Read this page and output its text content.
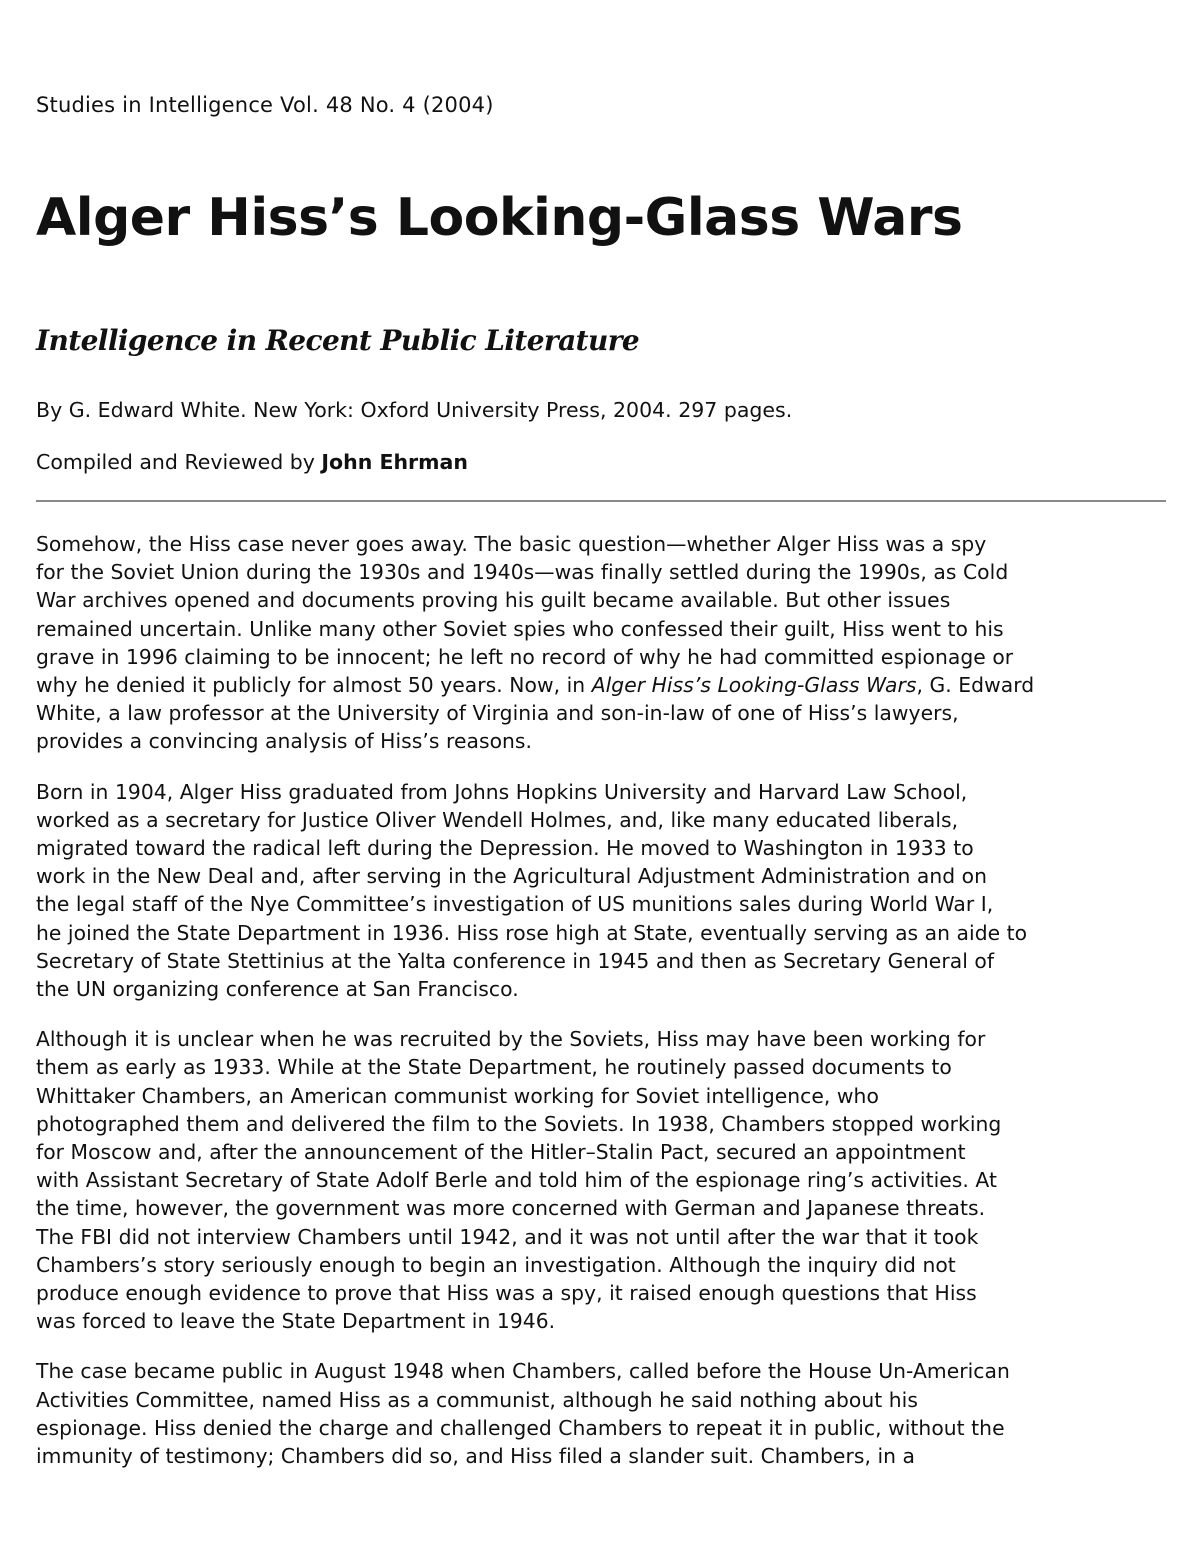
Studies in Intelligence Vol. 48 No. 4 (2004)
Alger Hiss’s Looking-Glass Wars
Intelligence in Recent Public Literature
By G. Edward White. New York: Oxford University Press, 2004. 297 pages.
Compiled and Reviewed by John Ehrman

Somehow, the Hiss case never goes away. The basic question—whether Alger Hiss was a spy
for the Soviet Union during the 1930s and 1940s—was finally settled during the 1990s, as Cold
War archives opened and documents proving his guilt became available. But other issues
remained uncertain. Unlike many other Soviet spies who confessed their guilt, Hiss went to his
grave in 1996 claiming to be innocent; he left no record of why he had committed espionage or
why he denied it publicly for almost 50 years. Now, in Alger Hiss’s Looking-Glass Wars, G. Edward
White, a law professor at the University of Virginia and son-in-law of one of Hiss’s lawyers,
provides a convincing analysis of Hiss’s reasons.

Born in 1904, Alger Hiss graduated from Johns Hopkins University and Harvard Law School,
worked as a secretary for Justice Oliver Wendell Holmes, and, like many educated liberals,
migrated toward the radical left during the Depression. He moved to Washington in 1933 to
work in the New Deal and, after serving in the Agricultural Adjustment Administration and on
the legal staff of the Nye Committee’s investigation of US munitions sales during World War I,
he joined the State Department in 1936. Hiss rose high at State, eventually serving as an aide to
Secretary of State Stettinius at the Yalta conference in 1945 and then as Secretary General of
the UN organizing conference at San Francisco.

Although it is unclear when he was recruited by the Soviets, Hiss may have been working for
them as early as 1933. While at the State Department, he routinely passed documents to
Whittaker Chambers, an American communist working for Soviet intelligence, who
photographed them and delivered the film to the Soviets. In 1938, Chambers stopped working
for Moscow and, after the announcement of the Hitler–Stalin Pact, secured an appointment
with Assistant Secretary of State Adolf Berle and told him of the espionage ring’s activities. At
the time, however, the government was more concerned with German and Japanese threats.
The FBI did not interview Chambers until 1942, and it was not until after the war that it took
Chambers’s story seriously enough to begin an investigation. Although the inquiry did not
produce enough evidence to prove that Hiss was a spy, it raised enough questions that Hiss
was forced to leave the State Department in 1946.

The case became public in August 1948 when Chambers, called before the House Un-American
Activities Committee, named Hiss as a communist, although he said nothing about his
espionage. Hiss denied the charge and challenged Chambers to repeat it in public, without the
immunity of testimony; Chambers did so, and Hiss filed a slander suit. Chambers, in a
